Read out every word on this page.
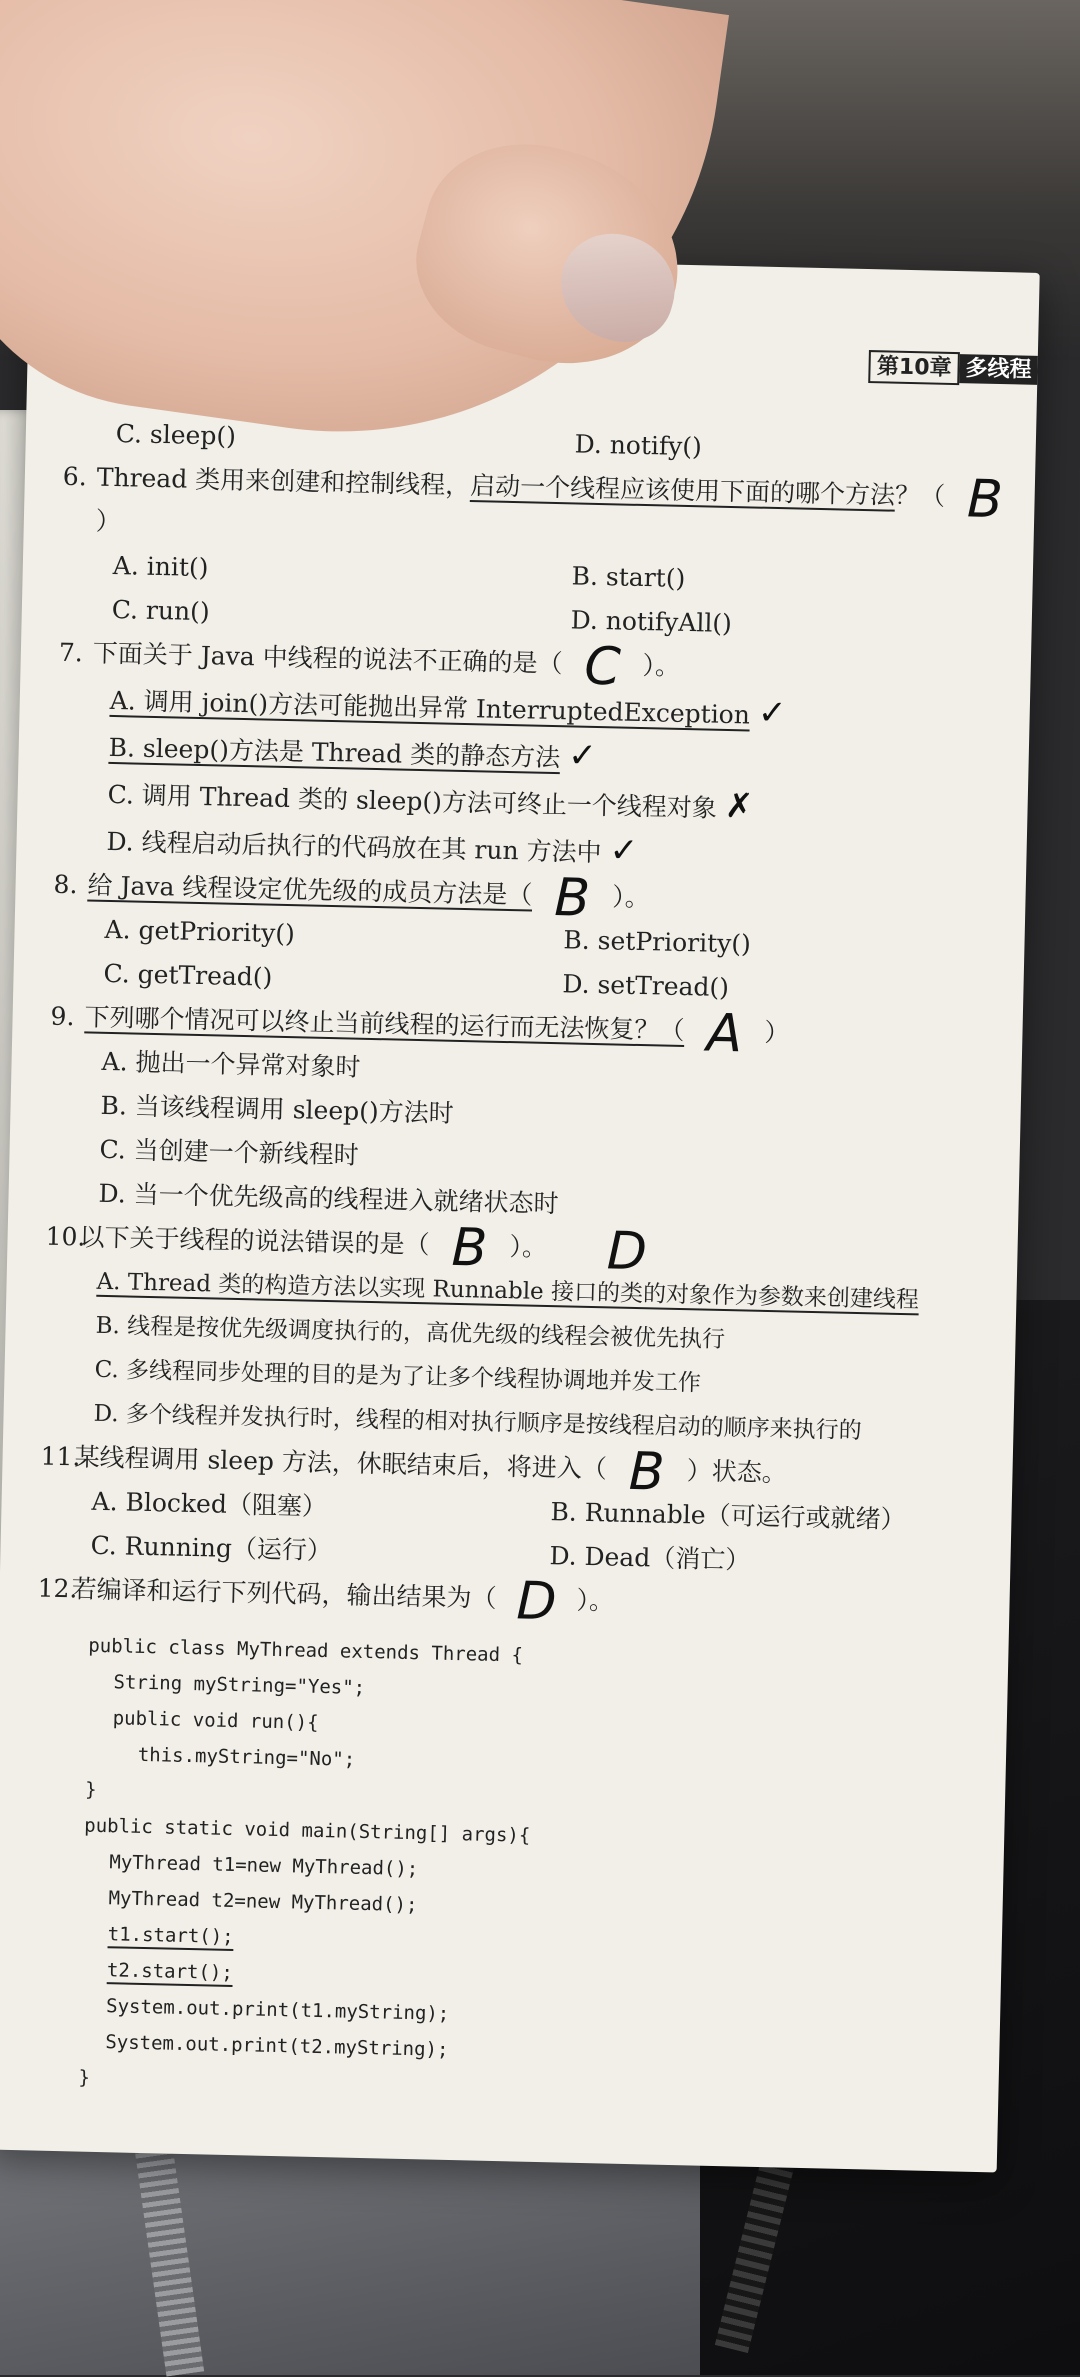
第10章 多线程
C. sleep()	D. notify()
6. Thread 类用来创建和控制线程，启动一个线程应该使用下面的哪个方法？（ B）
A. init()	B. start()
C. run()	D. notifyAll()
7. 下面关于 Java 中线程的说法不正确的是（ C ）。
A. 调用 join()方法可能抛出异常 InterruptedException ✓
B. sleep()方法是 Thread 类的静态方法 ✓
C. 调用 Thread 类的 sleep()方法可终止一个线程对象 ✗
D. 线程启动后执行的代码放在其 run 方法中 ✓
8. 给 Java 线程设定优先级的成员方法是（ B ）。
A. getPriority()	B. setPriority()
C. getTread()	D. setTread()
9. 下列哪个情况可以终止当前线程的运行而无法恢复？（ A ）
A. 抛出一个异常对象时
B. 当该线程调用 sleep()方法时
C. 当创建一个新线程时
D. 当一个优先级高的线程进入就绪状态时
10.
以下关于线程的说法错误的是（ B ）。 D
A. Thread 类的构造方法以实现 Runnable 接口的类的对象作为参数来创建线程
B. 线程是按优先级调度执行的，高优先级的线程会被优先执行
C. 多线程同步处理的目的是为了让多个线程协调地并发工作
D. 多个线程并发执行时，线程的相对执行顺序是按线程启动的顺序来执行的
11.
某线程调用 sleep 方法，休眠结束后，将进入（ B ）状态。
A. Blocked（阻塞）	B. Runnable（可运行或就绪）
C. Running（运行）	D. Dead（消亡）
12.
若编译和运行下列代码，输出结果为（ D ）。
public class MyThread extends Thread {
String myString="Yes";
public void run(){
this.myString="No";
}
public static void main(String[] args){
MyThread t1=new MyThread();
MyThread t2=new MyThread();
t1.start();
t2.start();
System.out.print(t1.myString);
System.out.print(t2.myString);
}
